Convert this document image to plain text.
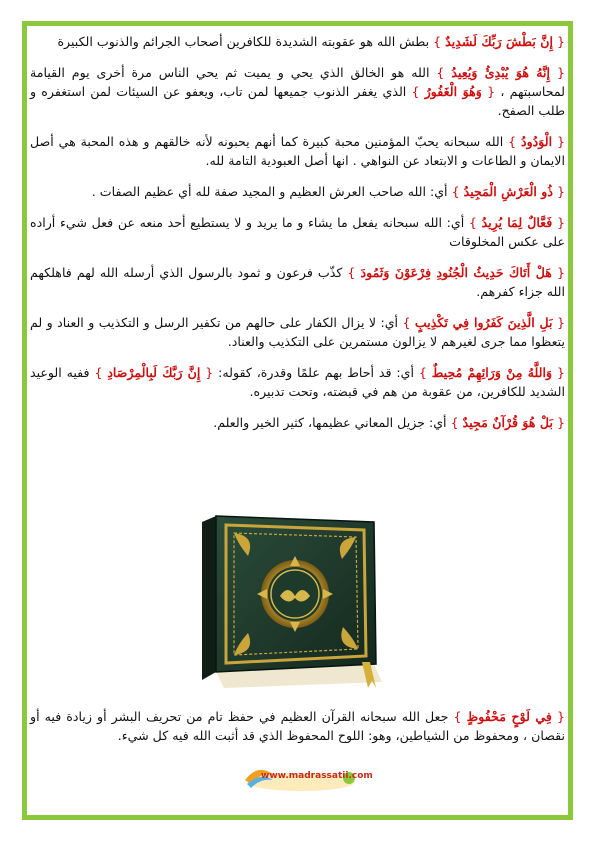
{ إِنَّ بَطْشَ رَبِّكَ لَشَدِيدٌ } بطش الله هو عقوبته الشديدة للكافرين أصحاب الجرائم والذنوب الكبيرة

{ إِنَّهُ هُوَ يُبْدِئُ وَيُعِيدُ } الله هو الخالق الذي يحي و يميت ثم يحي الناس مرة أخرى يوم القيامة لمحاسبتهم ، { وَهُوَ الْغَفُورُ } الذي يغفر الذنوب جميعها لمن تاب، ويعفو عن السيئات لمن استغفره و طلب الصفح.

{ الْوَدُودُ } الله سبحانه يحبّ المؤمنين محبة كبيرة كما أنهم يحبونه لأنه خالقهم و هذه المحبة هي أصل الايمان و الطاعات و الابتعاد عن النواهي . انها أصل العبودية التامة لله.

{ ذُو الْعَرْشِ الْمَجِيدُ } أي: الله صاحب العرش العظيم و المجيد صفة لله أي عظيم الصفات .

{ فَعَّالٌ لِمَا يُرِيدُ } أي: الله سبحانه يفعل ما يشاء و ما يريد و لا يستطيع أحد منعه عن فعل شيء أراده على عكس المخلوقات

{ هَلْ أَتَاكَ حَدِيثُ الْجُنُودِ فِرْعَوْنَ وَثَمُودَ } كذّب فرعون و ثمود بالرسول الذي أرسله الله لهم فاهلكهم الله جزاء كفرهم.

{ بَلِ الَّذِينَ كَفَرُوا فِي تَكْذِيبٍ } أي: لا يزال الكفار على حالهم من تكفير الرسل و التكذيب و العناد و لم يتعظوا مما جرى لغيرهم لا يزالون مستمرين على التكذيب والعناد.

{ وَاللَّهُ مِنْ وَرَائِهِمْ مُحِيطٌ } أي: قد أحاط بهم علمًا وقدرة، كقوله: { إِنَّ رَبَّكَ لَبِالْمِرْصَادِ } ففيه الوعيد الشديد للكافرين، من عقوبة من هم في قبضته، وتحت تدبيره.

{ بَلْ هُوَ قُرْآنٌ مَجِيدٌ } أي: جزيل المعاني عظيمها، كثير الخير والعلم.

{ فِي لَوْحٍ مَحْفُوظٍ } جعل الله سبحانه القرآن العظيم في حفظ تام من تحريف البشر أو زيادة فيه أو نقصان ، ومحفوظ من الشياطين، وهو: اللوح المحفوظ الذي قد أثبت الله فيه كل شيء.

www.madrassatii.com
